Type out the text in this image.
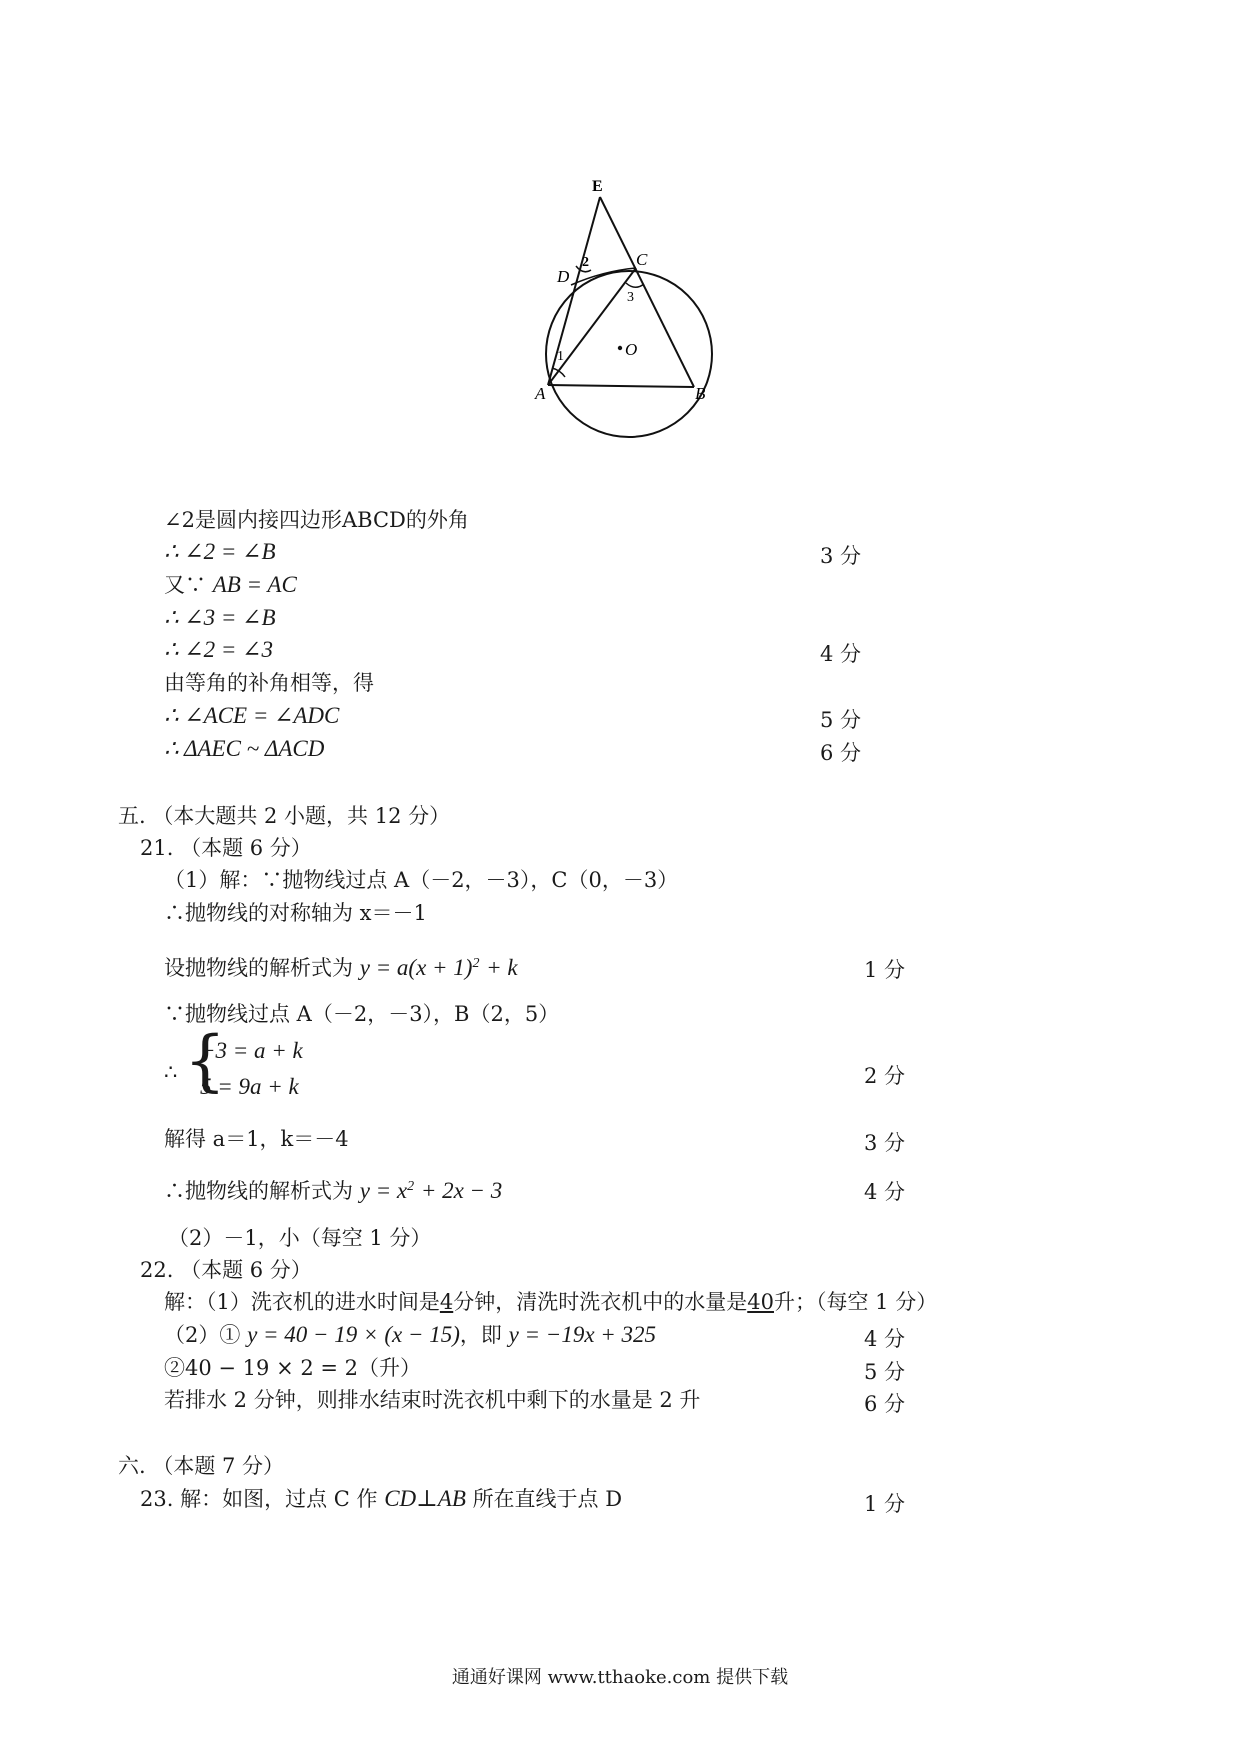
E
D
2	C
3
1	O
A	B
∠2是圆内接四边形ABCD的外角
∴ ∠2 = ∠B	3 分
又∵ AB = AC
∴ ∠3 = ∠B
∴ ∠2 = ∠3	4 分
由等角的补角相等，得
∴ ∠ACE = ∠ADC	5 分
∴ ΔAEC ~ ΔACD	6 分
五. （本大题共 2 小题，共 12 分）
21. （本题 6 分）
（1）解：∵抛物线过点 A（－2，－3），C（0，－3）
∴抛物线的对称轴为 x＝－1
设抛物线的解析式为 $y = a(x + 1)^2 + k$	1 分
∵抛物线过点 A（－2，－3），B（2，5）
∴ {
−3 = a + k
5 = 9a + k	2 分
解得 a＝1，k＝－4	3 分
∴抛物线的解析式为 $y = x^2 + 2x - 3$	4 分
（2）－1，小（每空 1 分）
22. （本题 6 分）
解：（1）洗衣机的进水时间是4分钟，清洗时洗衣机中的水量是40升；（每空 1 分）
（2）① y = 40 − 19 × (x − 15)，即 y = −19x + 325	4 分
②40 − 19 × 2 = 2（升）	5 分
若排水 2 分钟，则排水结束时洗衣机中剩下的水量是 2 升	6 分
六. （本题 7 分）
23. 解：如图，过点 C 作 CD⊥AB 所在直线于点 D	1 分
通通好课网 www.tthaoke.com 提供下载
